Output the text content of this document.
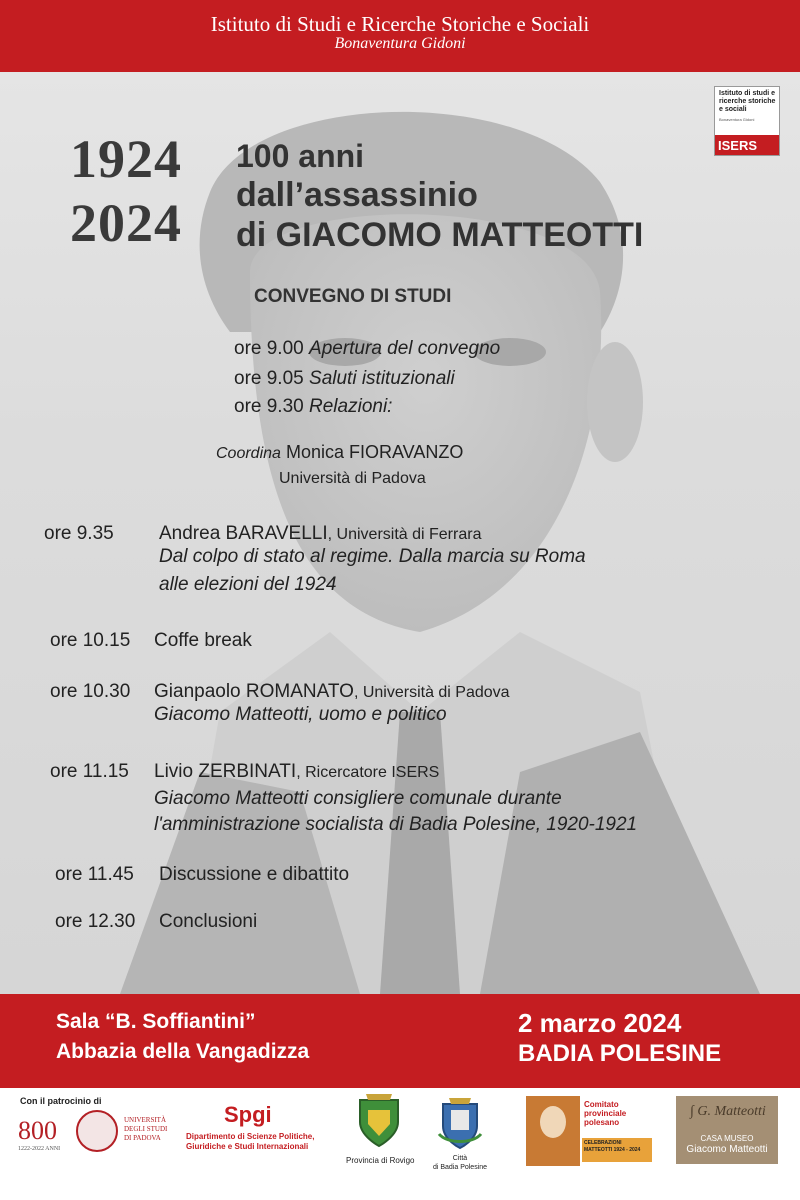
Istituto di Studi e Ricerche Storiche e Sociali
Bonaventura Gidoni
Istituto di studi e ricerche storiche e sociali
Bonaventura Gidoni
ISERS
1924
2024
100 anni
dall’assassinio
di GIACOMO MATTEOTTI
CONVEGNO DI STUDI
ore 9.00 Apertura del convegno
ore 9.05 Saluti istituzionali
ore 9.30 Relazioni:
Coordina Monica FIORAVANZO
Università di Padova
ore 9.35 Andrea BARAVELLI, Università di Ferrara
Dal colpo di stato al regime. Dalla marcia su Roma
alle elezioni del 1924
ore 10.15 Coffe break
ore 10.30 Gianpaolo ROMANATO, Università di Padova
Giacomo Matteotti, uomo e politico
ore 11.15 Livio ZERBINATI, Ricercatore ISERS
Giacomo Matteotti consigliere comunale durante
l'amministrazione socialista di Badia Polesine, 1920-1921
ore 11.45 Discussione e dibattito
ore 12.30 Conclusioni
Sala “B. Soffiantini”
Abbazia della Vangadizza
2 marzo 2024
BADIA POLESINE
Con il patrocinio di
800
1222-2022 ANNI
UNIVERSITÀ DEGLI STUDI DI PADOVA
Spgi
Dipartimento di Scienze Politiche,
Giuridiche e Studi Internazionali
Provincia di Rovigo	Città
di Badia Polesine
Comitato
provinciale
polesano
CELEBRAZIONI MATTEOTTI 1924 - 2024
∫ G. Matteotti
CASA MUSEO
Giacomo Matteotti
